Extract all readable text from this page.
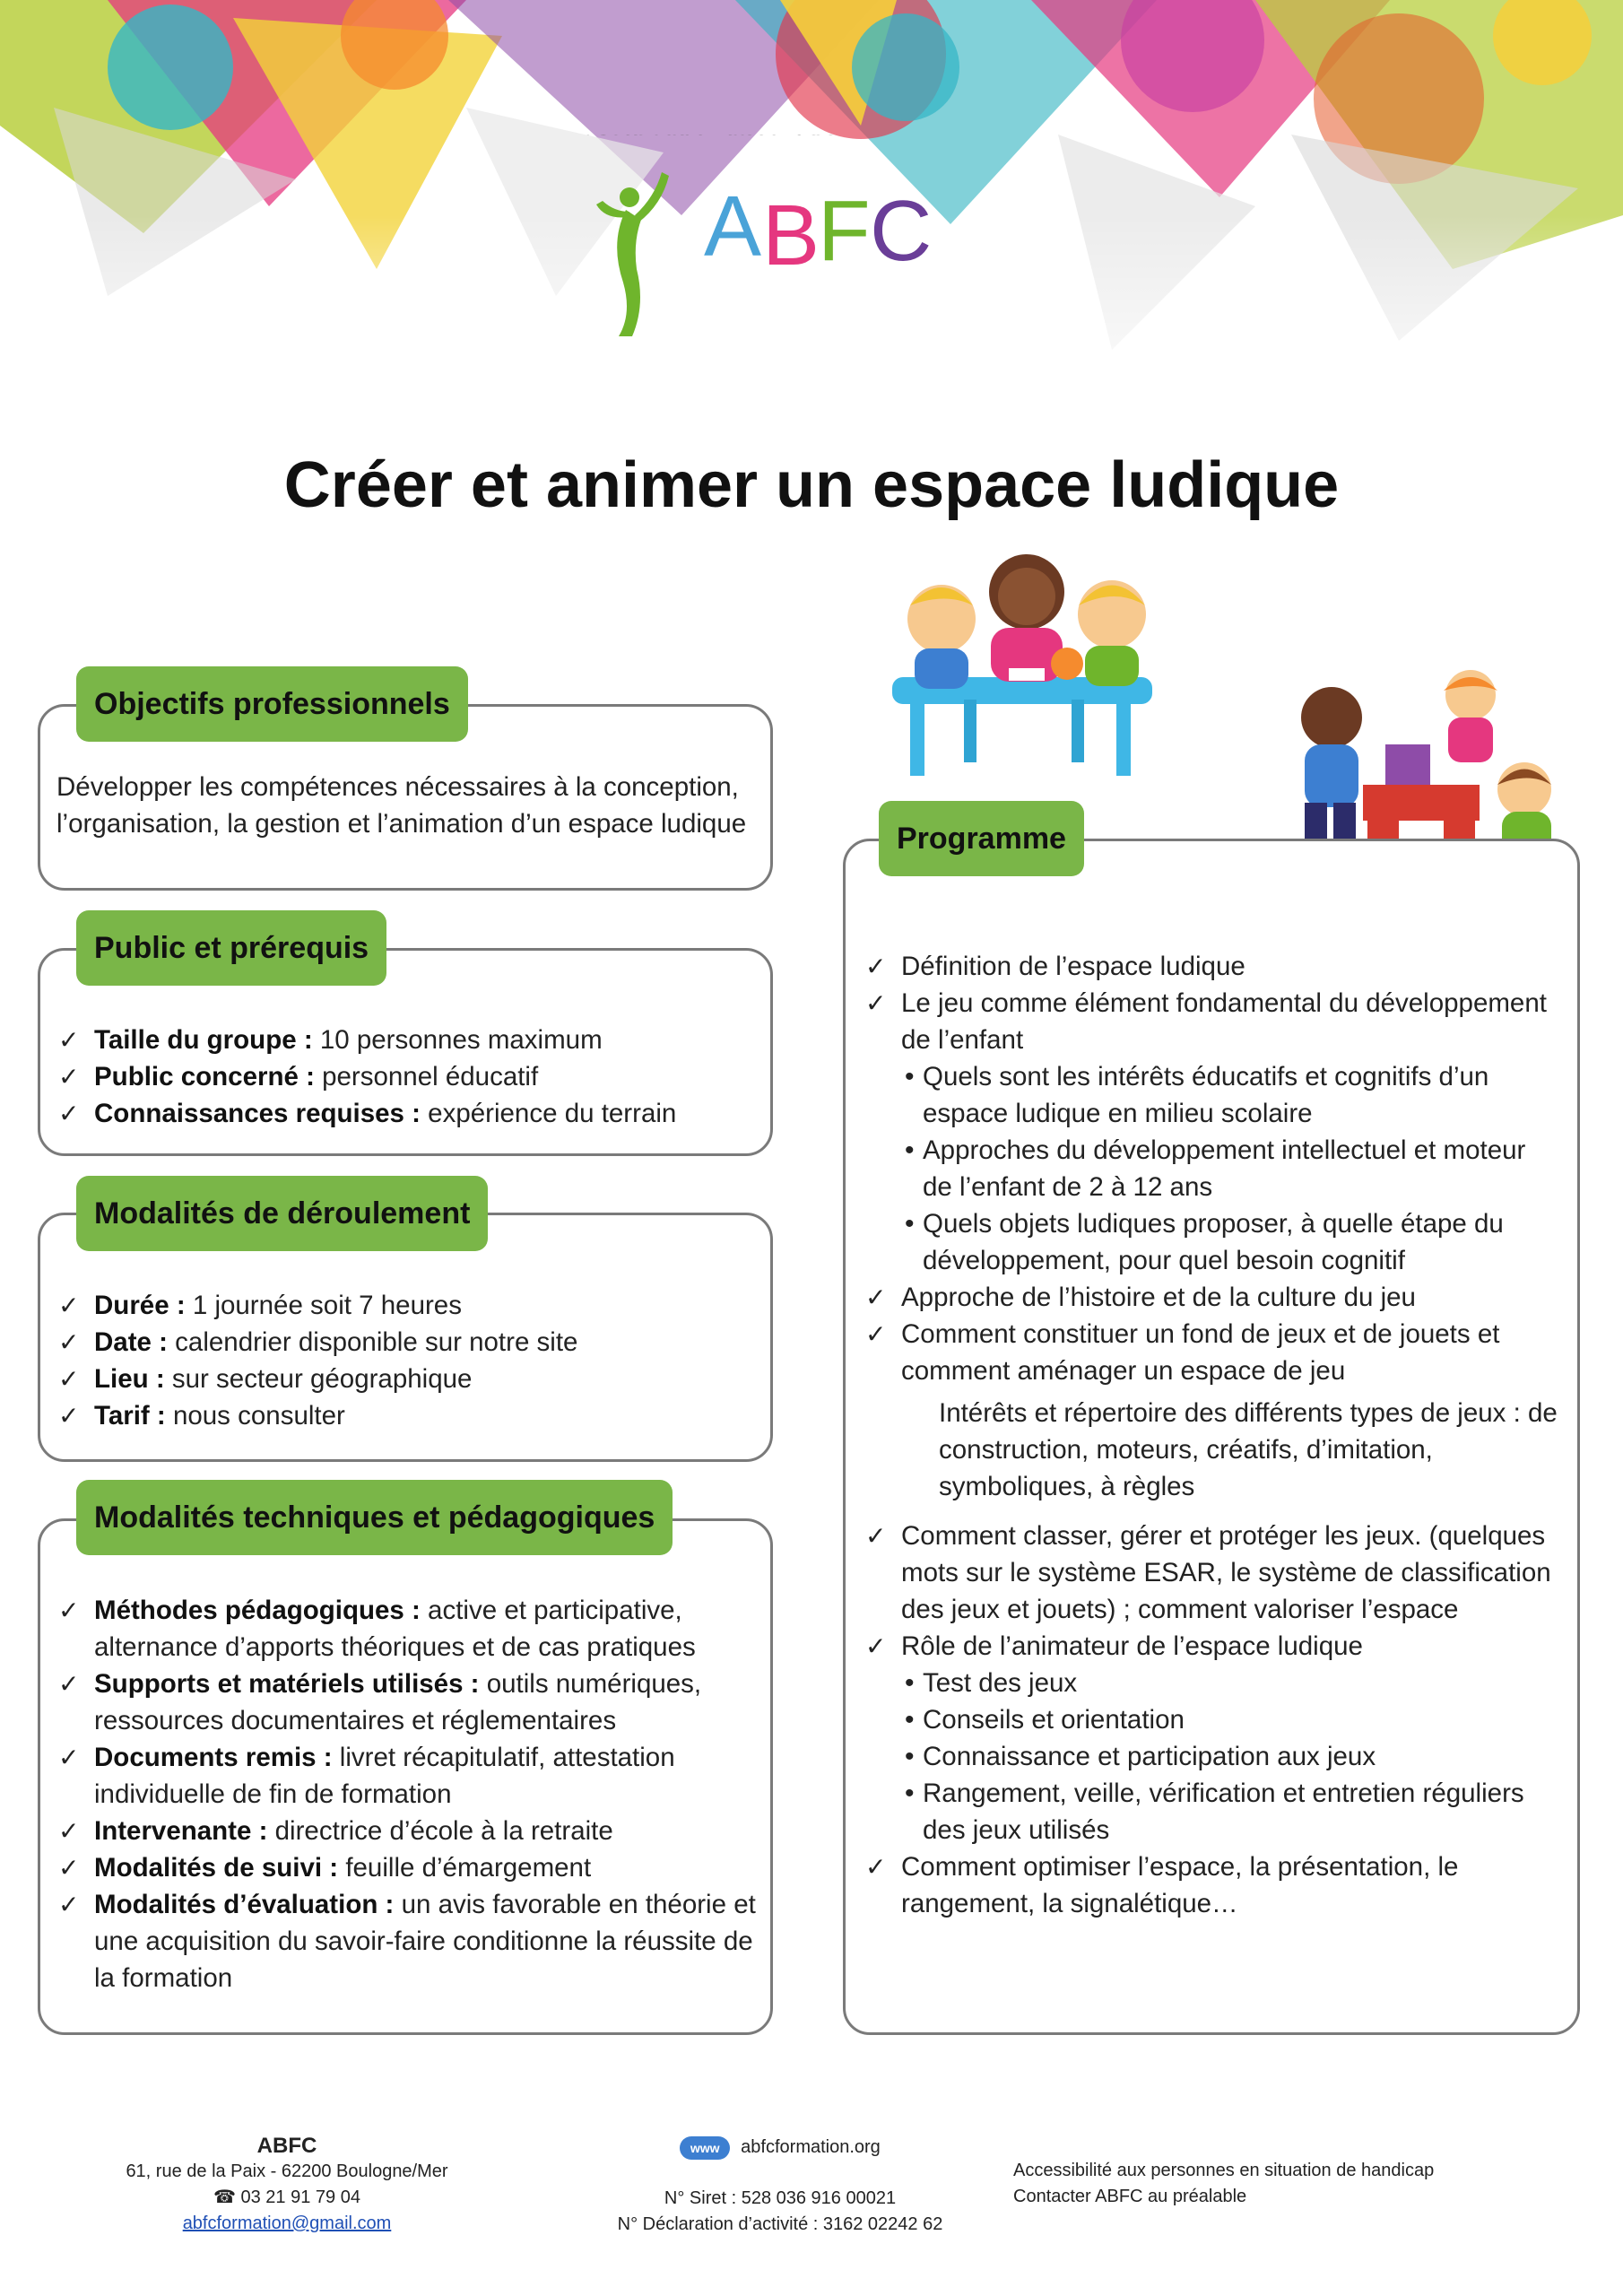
A B
F C
Créer et animer un espace ludique
Objectifs professionnels
Développer les compétences nécessaires à la conception, l’organisation, la gestion et l’animation d’un espace ludique
Public et prérequis
✓ Taille du groupe : 10 personnes maximum
✓ Public concerné : personnel éducatif
✓ Connaissances requises : expérience du terrain
Modalités de déroulement
✓ Durée : 1 journée soit 7 heures
✓ Date : calendrier disponible sur notre site
✓ Lieu : sur secteur géographique
✓ Tarif : nous consulter
Modalités techniques et pédagogiques
✓ Méthodes pédagogiques : active et participative, alternance d’apports théoriques et de cas pratiques
✓ Supports et matériels utilisés : outils numériques, ressources documentaires et réglementaires
✓ Documents remis : livret récapitulatif, attestation individuelle de fin de formation
✓ Intervenante : directrice d’école à la retraite
✓ Modalités de suivi : feuille d’émargement
✓ Modalités d’évaluation : un avis favorable en théorie et une acquisition du savoir-faire conditionne la réussite de la formation
Programme
✓ Définition de l’espace ludique
✓ Le jeu comme élément fondamental du développement de l’enfant
• Quels sont les intérêts éducatifs et cognitifs d’un espace ludique en milieu scolaire
• Approches du développement intellectuel et moteur de l’enfant de 2 à 12 ans
• Quels objets ludiques proposer, à quelle étape du développement, pour quel besoin cognitif
✓ Approche de l’histoire et de la culture du jeu
✓ Comment constituer un fond de jeux et de jouets et comment aménager un espace de jeu
Intérêts et répertoire des différents types de jeux : de construction, moteurs, créatifs, d’imitation, symboliques, à règles
✓ Comment classer, gérer et protéger les jeux. (quelques mots sur le système ESAR, le système de classification des jeux et jouets) ; comment valoriser l’espace
✓ Rôle de l’animateur de l’espace ludique
• Test des jeux
• Conseils et orientation
• Connaissance et participation aux jeux
• Rangement, veille, vérification et entretien réguliers des jeux utilisés
✓ Comment optimiser l’espace, la présentation, le rangement, la signalétique…
ABFC
61, rue de la Paix - 62200 Boulogne/Mer
☎ 03 21 91 79 04
abfcformation@gmail.com
www	abfcformation.org
N° Siret : 528 036 916 00021
N° Déclaration d’activité : 3162 02242 62
Accessibilité aux personnes en situation de handicap
Contacter ABFC au préalable
